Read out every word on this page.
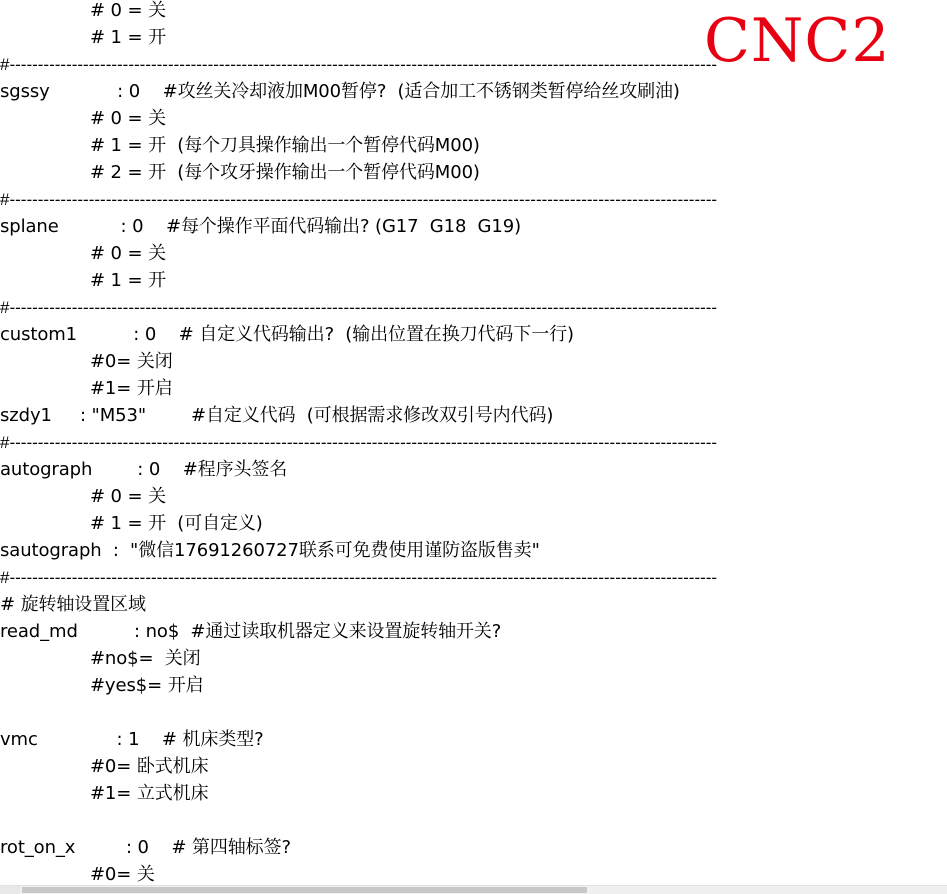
# 0 = 关
# 1 = 开
#-----------------------------------------------------------------------------------------------------------------------------
sgssy            : 0    #攻丝关冷却液加M00暂停?  (适合加工不锈钢类暂停给丝攻刷油)
# 0 = 关
# 1 = 开  (每个刀具操作输出一个暂停代码M00)
# 2 = 开  (每个攻牙操作输出一个暂停代码M00)
#-----------------------------------------------------------------------------------------------------------------------------
splane           : 0    #每个操作平面代码输出? (G17  G18  G19)
# 0 = 关
# 1 = 开
#-----------------------------------------------------------------------------------------------------------------------------
custom1          : 0    # 自定义代码输出?  (输出位置在换刀代码下一行)
#0= 关闭
#1= 开启
szdy1     : "M53"        #自定义代码  (可根据需求修改双引号内代码)
#-----------------------------------------------------------------------------------------------------------------------------
autograph        : 0    #程序头签名
# 0 = 关
# 1 = 开  (可自定义)
sautograph  :  "微信17691260727联系可免费使用谨防盗版售卖"
#-----------------------------------------------------------------------------------------------------------------------------
# 旋转轴设置区域
read_md          : no$  #通过读取机器定义来设置旋转轴开关?
#no$=  关闭
#yes$= 开启
vmc              : 1    # 机床类型?
#0= 卧式机床
#1= 立式机床
rot_on_x         : 0    # 第四轴标签?
#0= 关
CNC2
